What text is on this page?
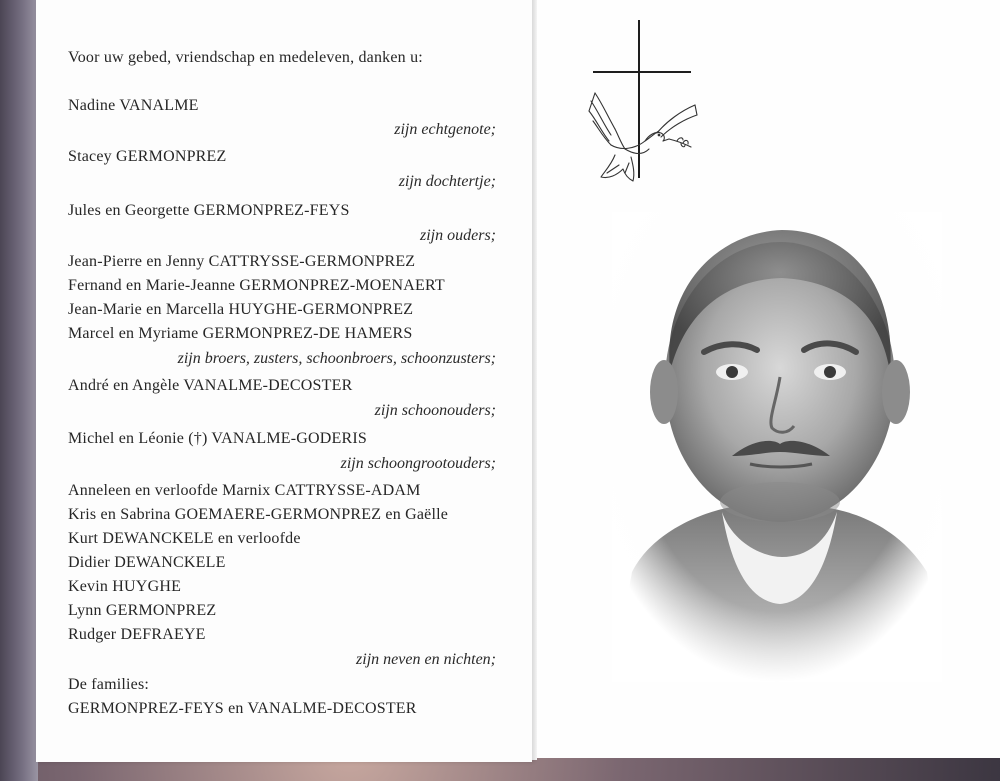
Voor uw gebed, vriendschap en medeleven, danken u:
Nadine VANALME
zijn echtgenote;
Stacey GERMONPREZ
zijn dochtertje;
Jules en Georgette GERMONPREZ-FEYS
zijn ouders;
Jean-Pierre en Jenny CATTRYSSE-GERMONPREZ
Fernand en Marie-Jeanne GERMONPREZ-MOENAERT
Jean-Marie en Marcella HUYGHE-GERMONPREZ
Marcel en Myriame GERMONPREZ-DE HAMERS
zijn broers, zusters, schoonbroers, schoonzusters;
André en Angèle VANALME-DECOSTER
zijn schoonouders;
Michel en Léonie (†) VANALME-GODERIS
zijn schoongrootouders;
Anneleen en verloofde Marnix CATTRYSSE-ADAM
Kris en Sabrina GOEMAERE-GERMONPREZ en Gaëlle
Kurt DEWANCKELE en verloofde
Didier DEWANCKELE
Kevin HUYGHE
Lynn GERMONPREZ
Rudger DEFRAEYE
zijn neven en nichten;
De families:
GERMONPREZ-FEYS en VANALME-DECOSTER
